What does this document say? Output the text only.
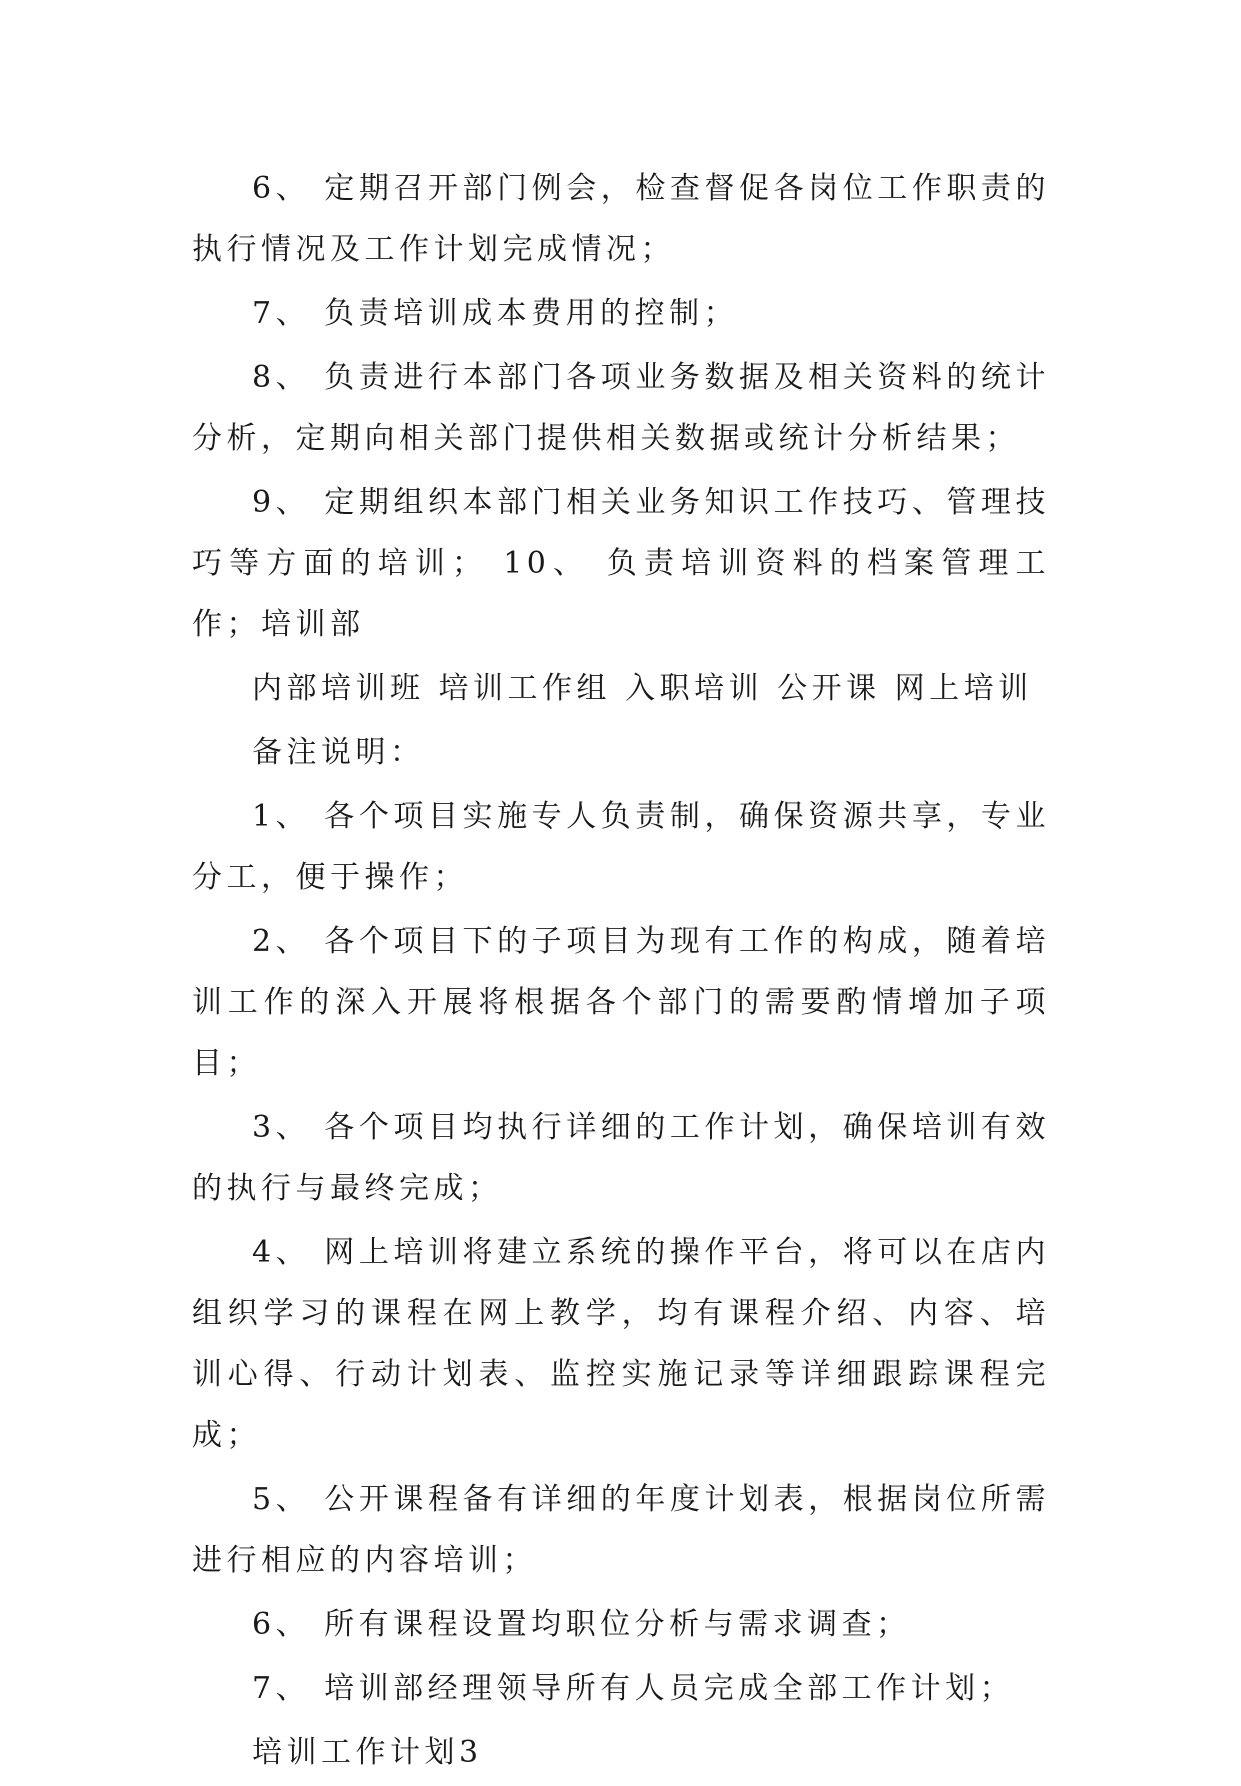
6、 定期召开部门例会，检查督促各岗位工作职责的执行情况及工作计划完成情况；

7、 负责培训成本费用的控制；

8、 负责进行本部门各项业务数据及相关资料的统计分析，定期向相关部门提供相关数据或统计分析结果；

9、 定期组织本部门相关业务知识工作技巧、管理技巧等方面的培训； 10、 负责培训资料的档案管理工作；培训部

内部培训班 培训工作组 入职培训 公开课 网上培训

备注说明：

1、 各个项目实施专人负责制，确保资源共享，专业分工，便于操作；

2、 各个项目下的子项目为现有工作的构成，随着培训工作的深入开展将根据各个部门的需要酌情增加子项目；

3、 各个项目均执行详细的工作计划，确保培训有效的执行与最终完成；

4、 网上培训将建立系统的操作平台，将可以在店内组织学习的课程在网上教学，均有课程介绍、内容、培训心得、行动计划表、监控实施记录等详细跟踪课程完成；

5、 公开课程备有详细的年度计划表，根据岗位所需进行相应的内容培训；

6、 所有课程设置均职位分析与需求调查；

7、 培训部经理领导所有人员完成全部工作计划；

培训工作计划3
